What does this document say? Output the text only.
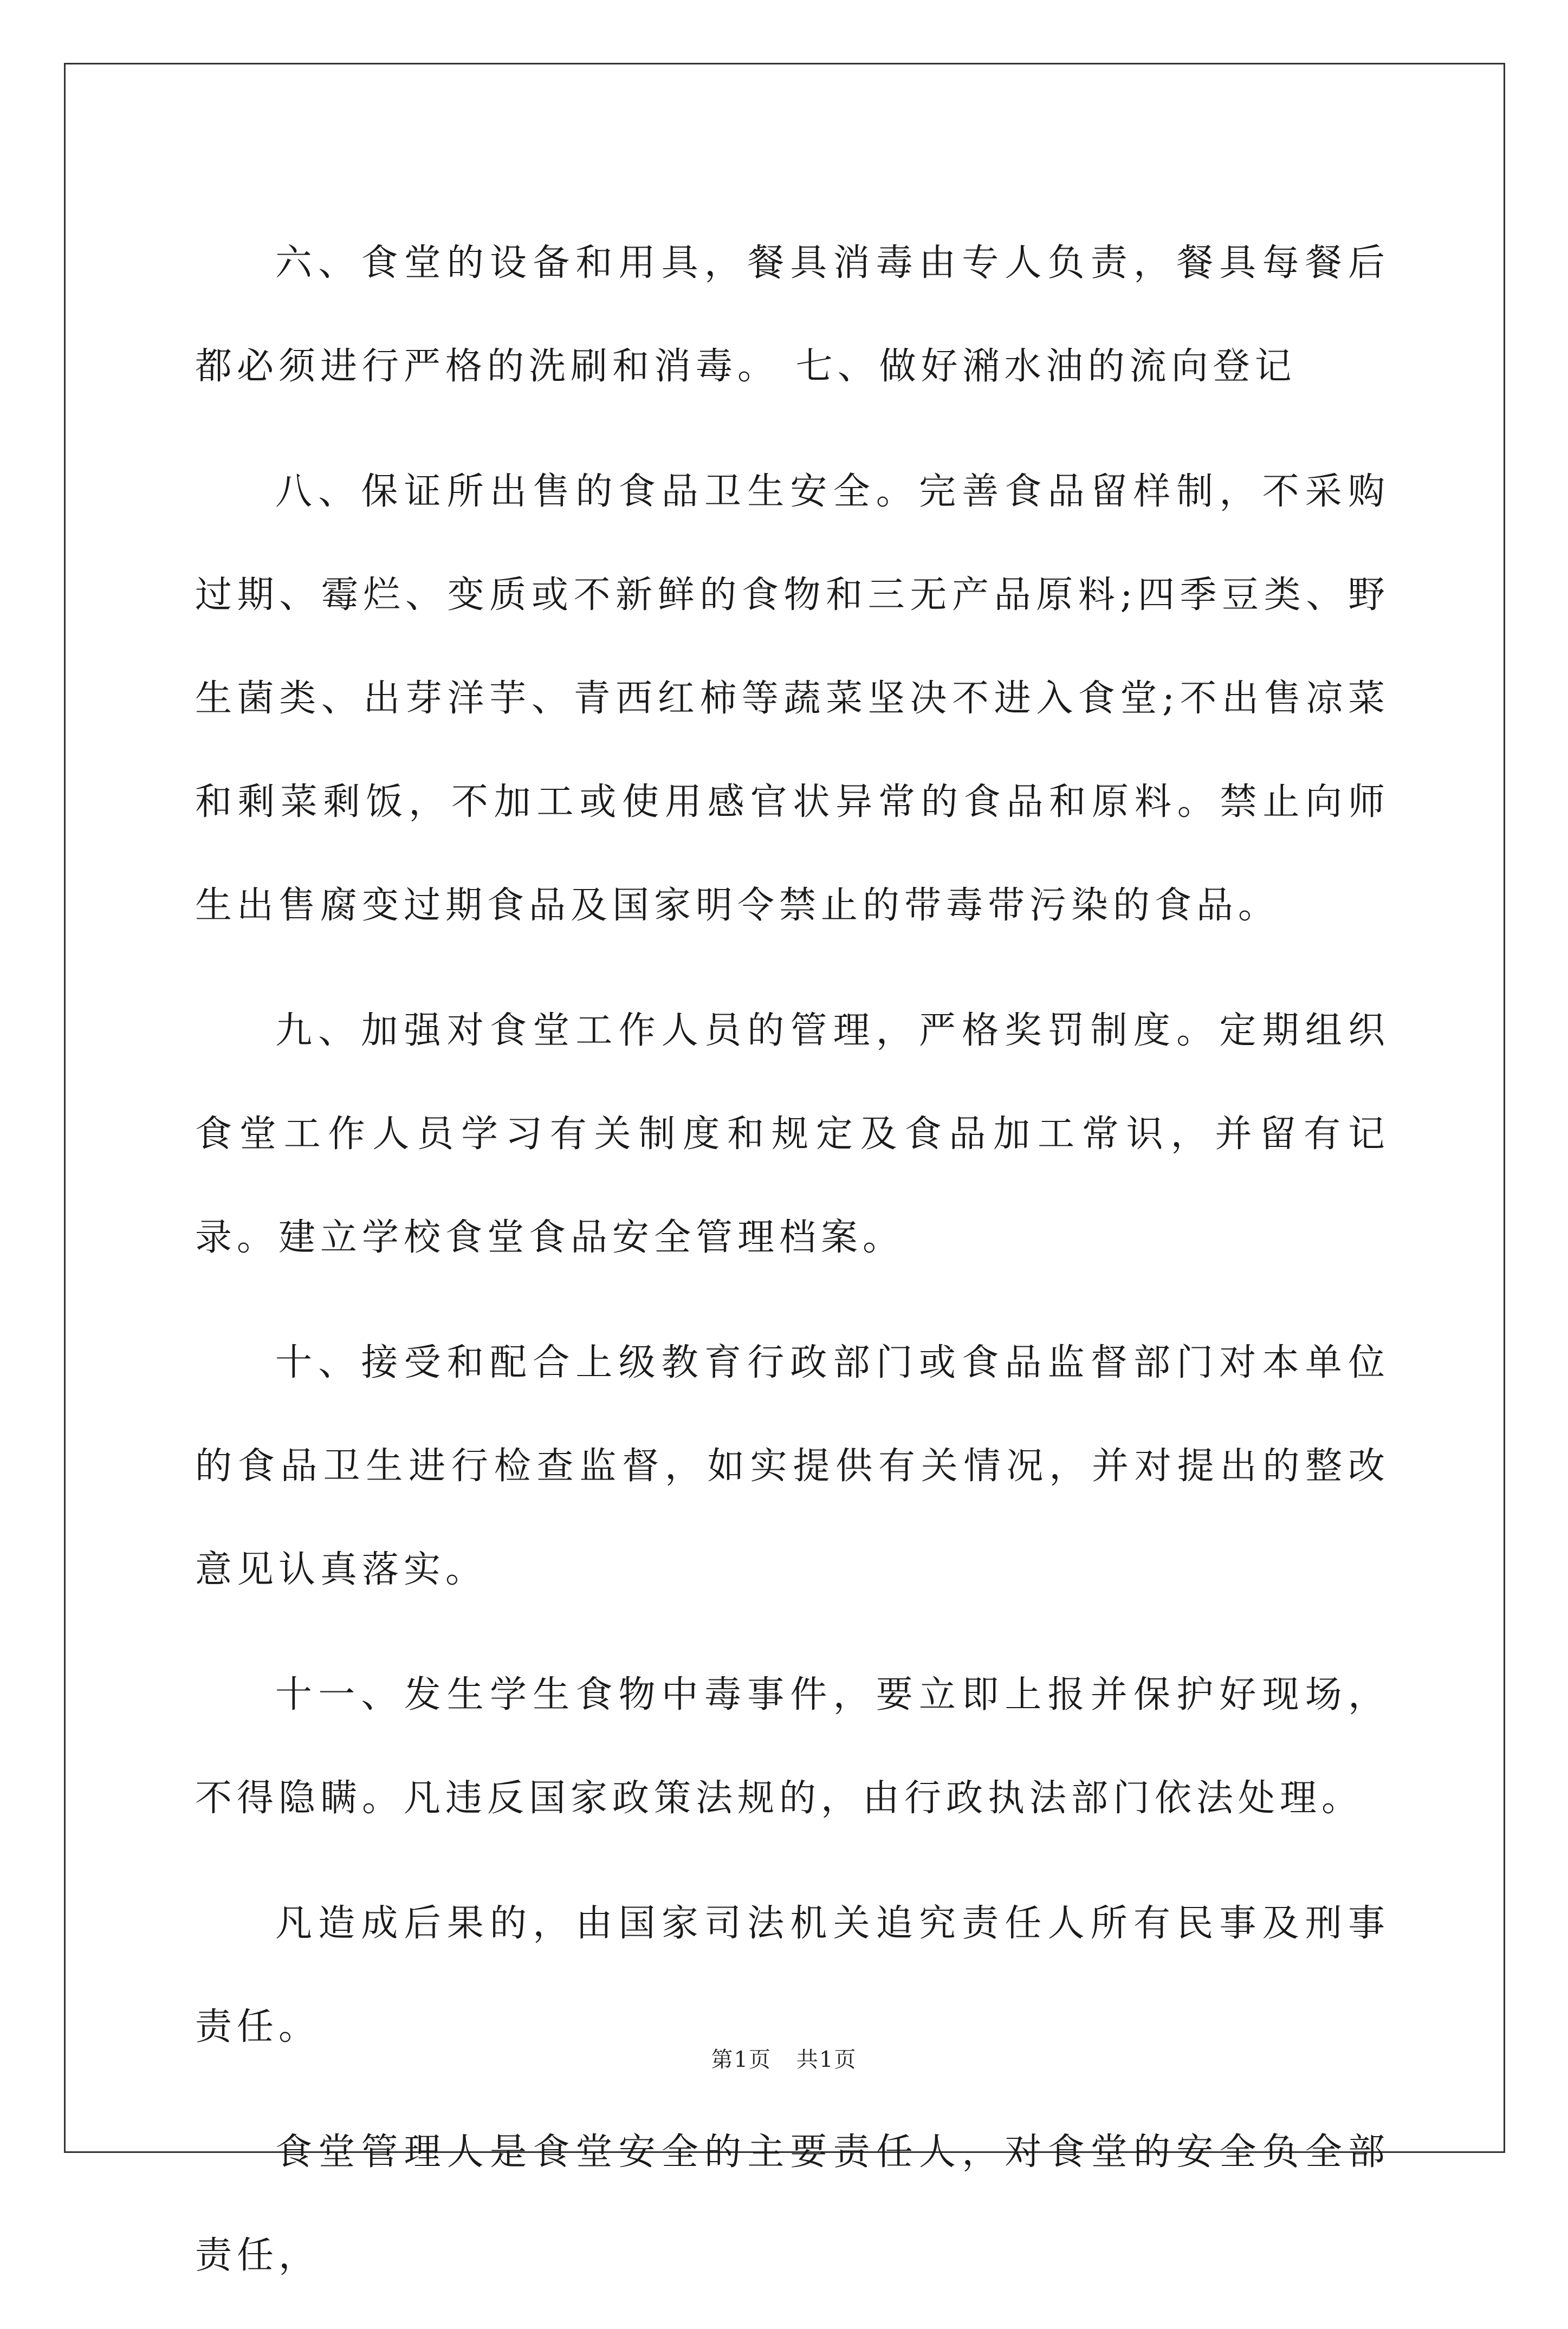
六、食堂的设备和用具，餐具消毒由专人负责，餐具每餐后都必须进行严格的洗刷和消毒。 七、做好潲水油的流向登记

八、保证所出售的食品卫生安全。完善食品留样制，不采购过期、霉烂、变质或不新鲜的食物和三无产品原料;四季豆类、野生菌类、出芽洋芋、青西红柿等蔬菜坚决不进入食堂;不出售凉菜和剩菜剩饭，不加工或使用感官状异常的食品和原料。禁止向师生出售腐变过期食品及国家明令禁止的带毒带污染的食品。

九、加强对食堂工作人员的管理，严格奖罚制度。定期组织食堂工作人员学习有关制度和规定及食品加工常识，并留有记录。建立学校食堂食品安全管理档案。

十、接受和配合上级教育行政部门或食品监督部门对本单位的食品卫生进行检查监督，如实提供有关情况，并对提出的整改意见认真落实。

十一、发生学生食物中毒事件，要立即上报并保护好现场，不得隐瞒。凡违反国家政策法规的，由行政执法部门依法处理。

凡造成后果的，由国家司法机关追究责任人所有民事及刑事责任。

食堂管理人是食堂安全的主要责任人，对食堂的安全负全部责任，

第1页 共1页
